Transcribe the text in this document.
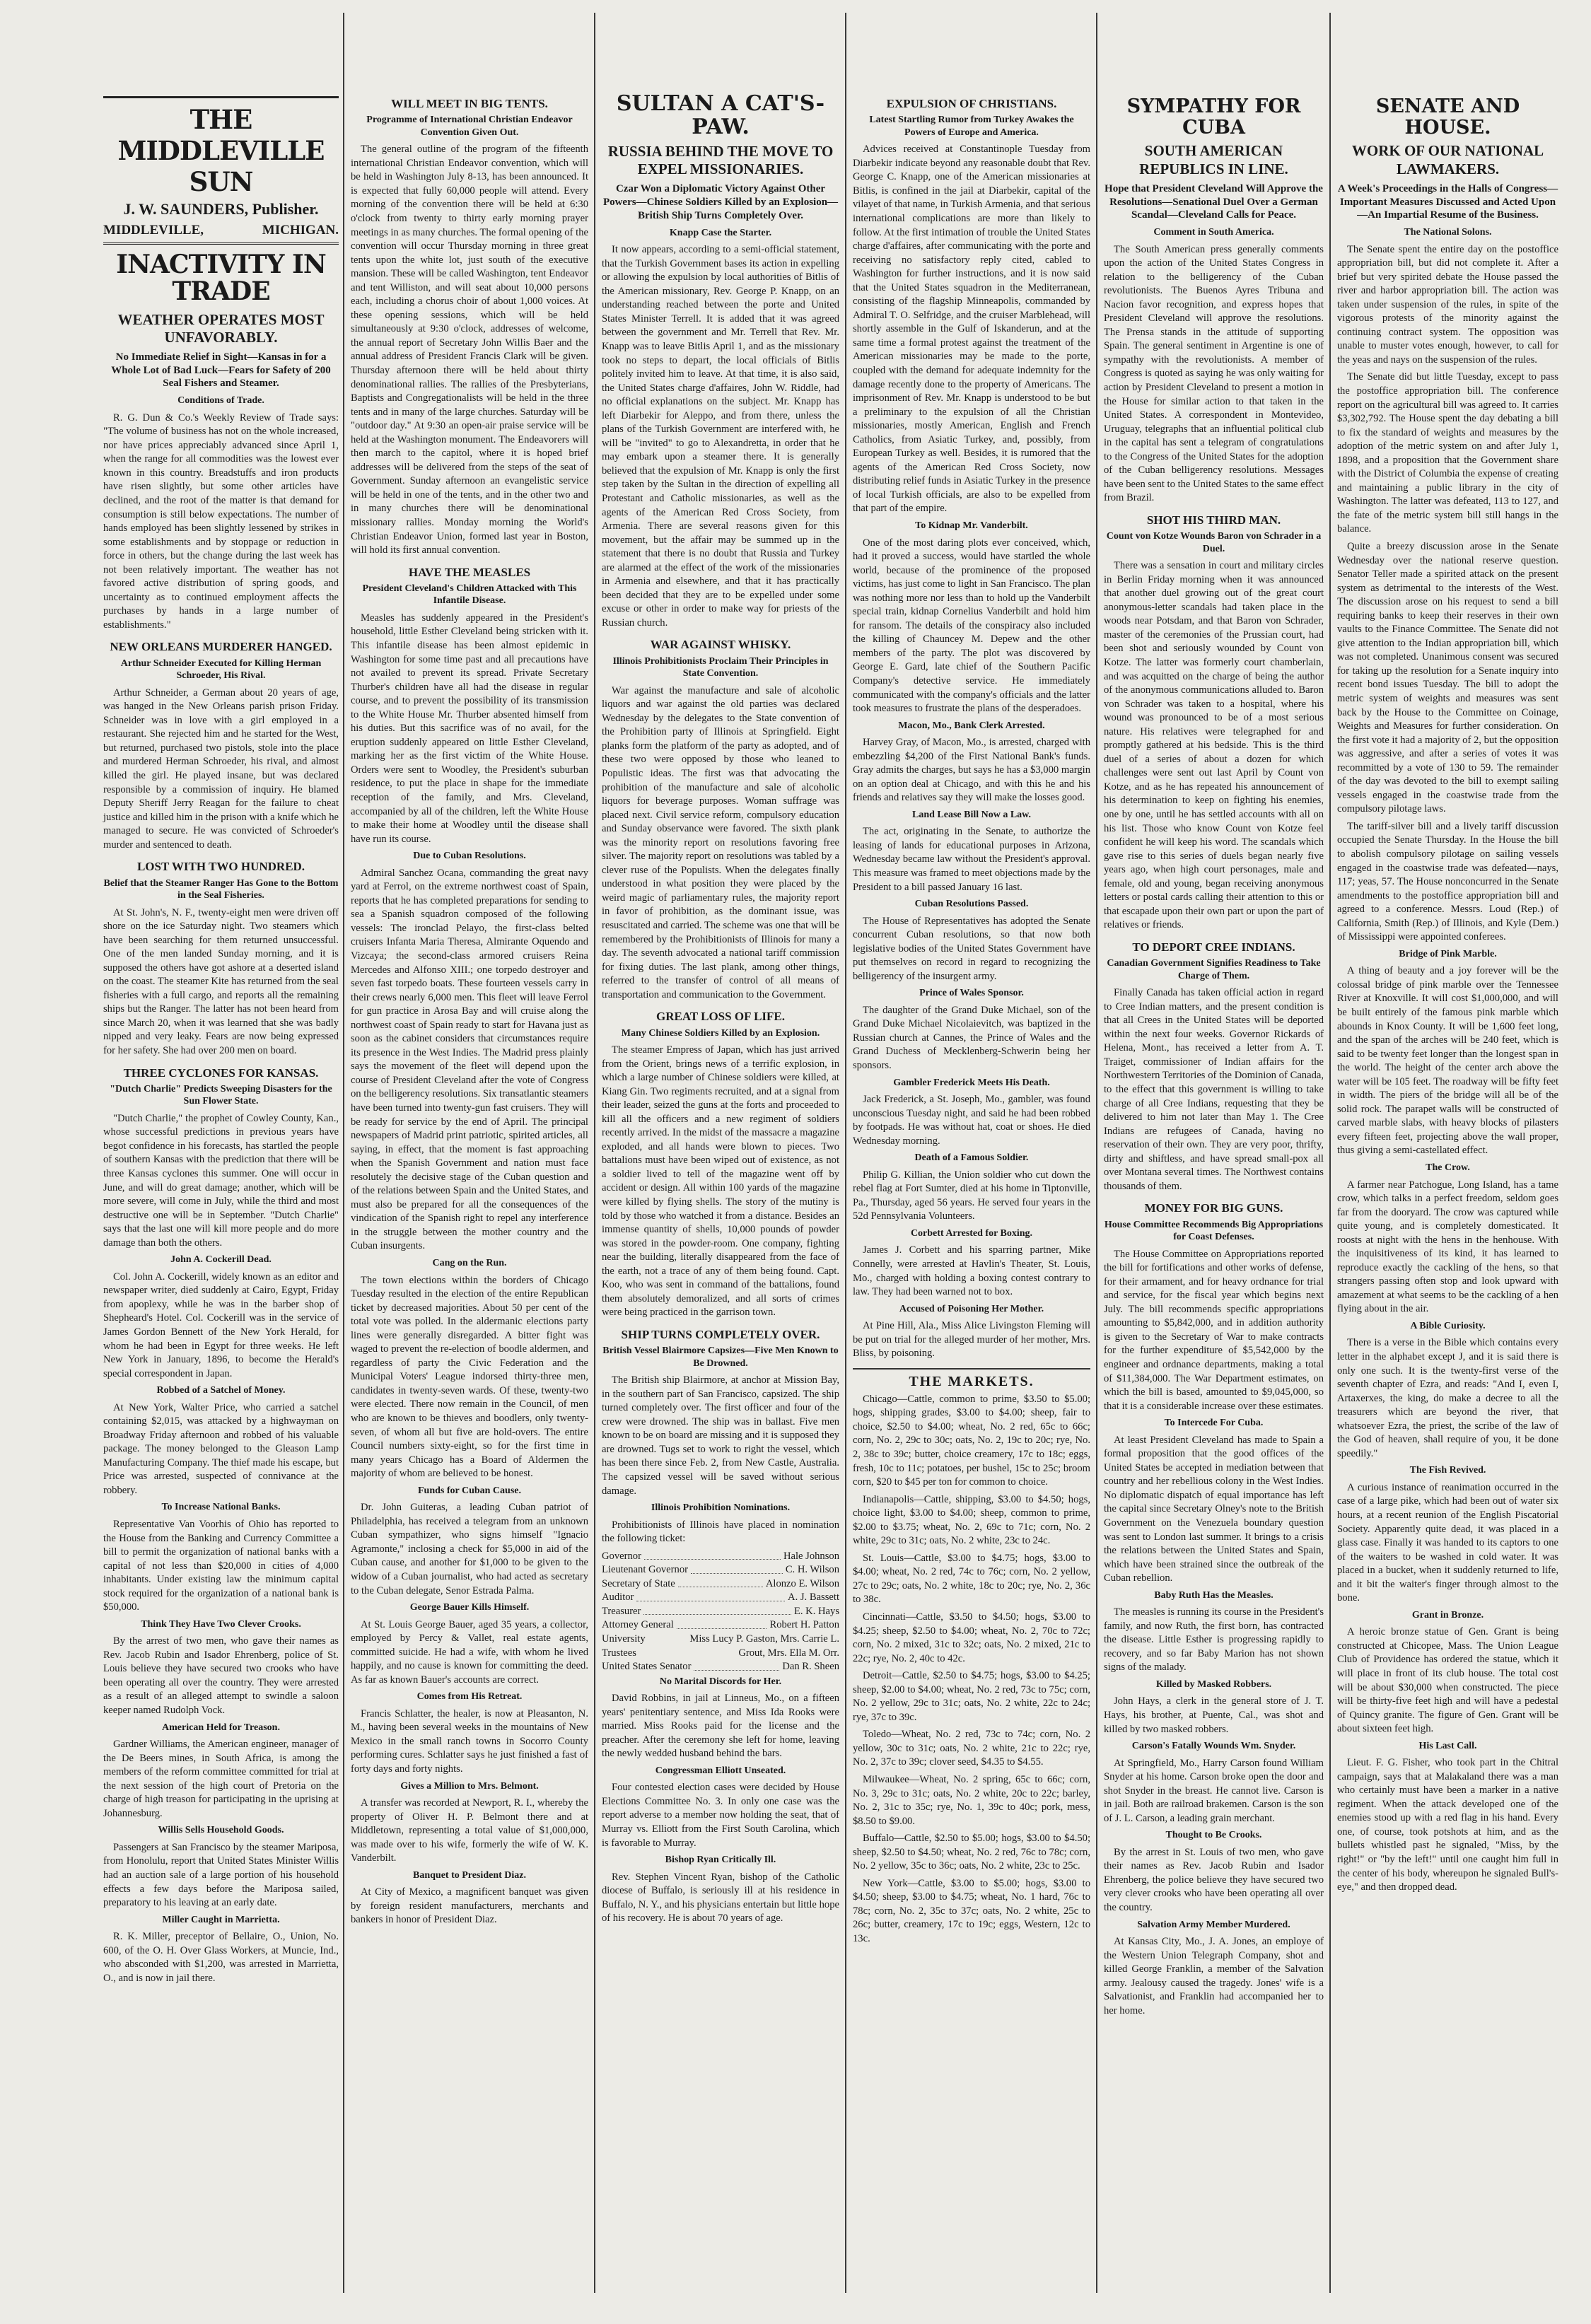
THE MIDDLEVILLE SUN
J. W. SAUNDERS, Publisher.
MIDDLEVILLE,	MICHIGAN.
INACTIVITY IN TRADE
WEATHER OPERATES MOST UNFAVORABLY.
No Immediate Relief in Sight—Kansas in for a Whole Lot of Bad Luck—Fears for Safety of 200 Seal Fishers and Steamer.
Conditions of Trade.

R. G. Dun & Co.'s Weekly Review of Trade says: "The volume of business has not on the whole increased, nor have prices appreciably advanced since April 1, when the range for all commodities was the lowest ever known in this country. Breadstuffs and iron products have risen slightly, but some other articles have declined, and the root of the matter is that demand for consumption is still below expectations. The number of hands employed has been slightly lessened by strikes in some establishments and by stoppage or reduction in force in others, but the change during the last week has not been relatively important. The weather has not favored active distribution of spring goods, and uncertainty as to continued employment affects the purchases by hands in a large number of establishments."

NEW ORLEANS MURDERER HANGED.
Arthur Schneider Executed for Killing Herman Schroeder, His Rival.

Arthur Schneider, a German about 20 years of age, was hanged in the New Orleans parish prison Friday. Schneider was in love with a girl employed in a restaurant. She rejected him and he started for the West, but returned, purchased two pistols, stole into the place and murdered Herman Schroeder, his rival, and almost killed the girl. He played insane, but was declared responsible by a commission of inquiry. He blamed Deputy Sheriff Jerry Reagan for the failure to cheat justice and killed him in the prison with a knife which he managed to secure. He was convicted of Schroeder's murder and sentenced to death.

LOST WITH TWO HUNDRED.
Belief that the Steamer Ranger Has Gone to the Bottom in the Seal Fisheries.

At St. John's, N. F., twenty-eight men were driven off shore on the ice Saturday night. Two steamers which have been searching for them returned unsuccessful. One of the men landed Sunday morning, and it is supposed the others have got ashore at a deserted island on the coast. The steamer Kite has returned from the seal fisheries with a full cargo, and reports all the remaining ships but the Ranger. The latter has not been heard from since March 20, when it was learned that she was badly nipped and very leaky. Fears are now being expressed for her safety. She had over 200 men on board.

THREE CYCLONES FOR KANSAS.
"Dutch Charlie" Predicts Sweeping Disasters for the Sun Flower State.

"Dutch Charlie," the prophet of Cowley County, Kan., whose successful predictions in previous years have begot confidence in his forecasts, has startled the people of southern Kansas with the prediction that there will be three Kansas cyclones this summer. One will occur in June, and will do great damage; another, which will be more severe, will come in July, while the third and most destructive one will be in September. "Dutch Charlie" says that the last one will kill more people and do more damage than both the others.

John A. Cockerill Dead.

Col. John A. Cockerill, widely known as an editor and newspaper writer, died suddenly at Cairo, Egypt, Friday from apoplexy, while he was in the barber shop of Shepheard's Hotel. Col. Cockerill was in the service of James Gordon Bennett of the New York Herald, for whom he had been in Egypt for three weeks. He left New York in January, 1896, to become the Herald's special correspondent in Japan.

Robbed of a Satchel of Money.

At New York, Walter Price, who carried a satchel containing $2,015, was attacked by a highwayman on Broadway Friday afternoon and robbed of his valuable package. The money belonged to the Gleason Lamp Manufacturing Company. The thief made his escape, but Price was arrested, suspected of connivance at the robbery.

To Increase National Banks.

Representative Van Voorhis of Ohio has reported to the House from the Banking and Currency Committee a bill to permit the organization of national banks with a capital of not less than $20,000 in cities of 4,000 inhabitants. Under existing law the minimum capital stock required for the organization of a national bank is $50,000.

Think They Have Two Clever Crooks.

By the arrest of two men, who gave their names as Rev. Jacob Rubin and Isador Ehrenberg, police of St. Louis believe they have secured two crooks who have been operating all over the country. They were arrested as a result of an alleged attempt to swindle a saloon keeper named Rudolph Vock.

American Held for Treason.

Gardner Williams, the American engineer, manager of the De Beers mines, in South Africa, is among the members of the reform committee committed for trial at the next session of the high court of Pretoria on the charge of high treason for participating in the uprising at Johannesburg.

Willis Sells Household Goods.

Passengers at San Francisco by the steamer Mariposa, from Honolulu, report that United States Minister Willis had an auction sale of a large portion of his household effects a few days before the Mariposa sailed, preparatory to his leaving at an early date.

Miller Caught in Marrietta.

R. K. Miller, preceptor of Bellaire, O., Union, No. 600, of the O. H. Over Glass Workers, at Muncie, Ind., who absconded with $1,200, was arrested in Marrietta, O., and is now in jail there.

WILL MEET IN BIG TENTS.
Programme of International Christian Endeavor Convention Given Out.

The general outline of the program of the fifteenth international Christian Endeavor convention, which will be held in Washington July 8-13, has been announced. It is expected that fully 60,000 people will attend. Every morning of the convention there will be held at 6:30 o'clock from twenty to thirty early morning prayer meetings in as many churches. The formal opening of the convention will occur Thursday morning in three great tents upon the white lot, just south of the executive mansion. These will be called Washington, tent Endeavor and tent Williston, and will seat about 10,000 persons each, including a chorus choir of about 1,000 voices. At these opening sessions, which will be held simultaneously at 9:30 o'clock, addresses of welcome, the annual report of Secretary John Willis Baer and the annual address of President Francis Clark will be given. Thursday afternoon there will be held about thirty denominational rallies. The rallies of the Presbyterians, Baptists and Congregationalists will be held in the three tents and in many of the large churches. Saturday will be "outdoor day." At 9:30 an open-air praise service will be held at the Washington monument. The Endeavorers will then march to the capitol, where it is hoped brief addresses will be delivered from the steps of the seat of Government. Sunday afternoon an evangelistic service will be held in one of the tents, and in the other two and in many churches there will be denominational missionary rallies. Monday morning the World's Christian Endeavor Union, formed last year in Boston, will hold its first annual convention.

HAVE THE MEASLES
President Cleveland's Children Attacked with This Infantile Disease.

Measles has suddenly appeared in the President's household, little Esther Cleveland being stricken with it. This infantile disease has been almost epidemic in Washington for some time past and all precautions have not availed to prevent its spread. Private Secretary Thurber's children have all had the disease in regular course, and to prevent the possibility of its transmission to the White House Mr. Thurber absented himself from his duties. But this sacrifice was of no avail, for the eruption suddenly appeared on little Esther Cleveland, marking her as the first victim of the White House. Orders were sent to Woodley, the President's suburban residence, to put the place in shape for the immediate reception of the family, and Mrs. Cleveland, accompanied by all of the children, left the White House to make their home at Woodley until the disease shall have run its course.

Due to Cuban Resolutions.

Admiral Sanchez Ocana, commanding the great navy yard at Ferrol, on the extreme northwest coast of Spain, reports that he has completed preparations for sending to sea a Spanish squadron composed of the following vessels: The ironclad Pelayo, the first-class belted cruisers Infanta Maria Theresa, Almirante Oquendo and Vizcaya; the second-class armored cruisers Reina Mercedes and Alfonso XIII.; one torpedo destroyer and seven fast torpedo boats. These fourteen vessels carry in their crews nearly 6,000 men. This fleet will leave Ferrol for gun practice in Arosa Bay and will cruise along the northwest coast of Spain ready to start for Havana just as soon as the cabinet considers that circumstances require its presence in the West Indies. The Madrid press plainly says the movement of the fleet will depend upon the course of President Cleveland after the vote of Congress on the belligerency resolutions. Six transatlantic steamers have been turned into twenty-gun fast cruisers. They will be ready for service by the end of April. The principal newspapers of Madrid print patriotic, spirited articles, all saying, in effect, that the moment is fast approaching when the Spanish Government and nation must face resolutely the decisive stage of the Cuban question and of the relations between Spain and the United States, and must also be prepared for all the consequences of the vindication of the Spanish right to repel any interference in the struggle between the mother country and the Cuban insurgents.

Cang on the Run.

The town elections within the borders of Chicago Tuesday resulted in the election of the entire Republican ticket by decreased majorities. About 50 per cent of the total vote was polled. In the aldermanic elections party lines were generally disregarded. A bitter fight was waged to prevent the re-election of boodle aldermen, and regardless of party the Civic Federation and the Municipal Voters' League indorsed thirty-three men, candidates in twenty-seven wards. Of these, twenty-two were elected. There now remain in the Council, of men who are known to be thieves and boodlers, only twenty-seven, of whom all but five are hold-overs. The entire Council numbers sixty-eight, so for the first time in many years Chicago has a Board of Aldermen the majority of whom are believed to be honest.

Funds for Cuban Cause.

Dr. John Guiteras, a leading Cuban patriot of Philadelphia, has received a telegram from an unknown Cuban sympathizer, who signs himself "Ignacio Agramonte," inclosing a check for $5,000 in aid of the Cuban cause, and another for $1,000 to be given to the widow of a Cuban journalist, who had acted as secretary to the Cuban delegate, Senor Estrada Palma.

George Bauer Kills Himself.

At St. Louis George Bauer, aged 35 years, a collector, employed by Percy & Vallet, real estate agents, committed suicide. He had a wife, with whom he lived happily, and no cause is known for committing the deed. As far as known Bauer's accounts are correct.

Comes from His Retreat.

Francis Schlatter, the healer, is now at Pleasanton, N. M., having been several weeks in the mountains of New Mexico in the small ranch towns in Socorro County performing cures. Schlatter says he just finished a fast of forty days and forty nights.

Gives a Million to Mrs. Belmont.

A transfer was recorded at Newport, R. I., whereby the property of Oliver H. P. Belmont there and at Middletown, representing a total value of $1,000,000, was made over to his wife, formerly the wife of W. K. Vanderbilt.

Banquet to President Diaz.

At City of Mexico, a magnificent banquet was given by foreign resident manufacturers, merchants and bankers in honor of President Diaz.

SULTAN A CAT'S-PAW.
RUSSIA BEHIND THE MOVE TO EXPEL MISSIONARIES.
Czar Won a Diplomatic Victory Against Other Powers—Chinese Soldiers Killed by an Explosion—British Ship Turns Completely Over.
Knapp Case the Starter.

It now appears, according to a semi-official statement, that the Turkish Government bases its action in expelling or allowing the expulsion by local authorities of Bitlis of the American missionary, Rev. George P. Knapp, on an understanding reached between the porte and United States Minister Terrell. It is added that it was agreed between the government and Mr. Terrell that Rev. Mr. Knapp was to leave Bitlis April 1, and as the missionary took no steps to depart, the local officials of Bitlis politely invited him to leave. At that time, it is also said, the United States charge d'affaires, John W. Riddle, had no official explanations on the subject. Mr. Knapp has left Diarbekir for Aleppo, and from there, unless the plans of the Turkish Government are interfered with, he will be "invited" to go to Alexandretta, in order that he may embark upon a steamer there. It is generally believed that the expulsion of Mr. Knapp is only the first step taken by the Sultan in the direction of expelling all Protestant and Catholic missionaries, as well as the agents of the American Red Cross Society, from Armenia. There are several reasons given for this movement, but the affair may be summed up in the statement that there is no doubt that Russia and Turkey are alarmed at the effect of the work of the missionaries in Armenia and elsewhere, and that it has practically been decided that they are to be expelled under some excuse or other in order to make way for priests of the Russian church.

WAR AGAINST WHISKY.
Illinois Prohibitionists Proclaim Their Principles in State Convention.

War against the manufacture and sale of alcoholic liquors and war against the old parties was declared Wednesday by the delegates to the State convention of the Prohibition party of Illinois at Springfield. Eight planks form the platform of the party as adopted, and of these two were opposed by those who leaned to Populistic ideas. The first was that advocating the prohibition of the manufacture and sale of alcoholic liquors for beverage purposes. Woman suffrage was placed next. Civil service reform, compulsory education and Sunday observance were favored. The sixth plank was the minority report on resolutions favoring free silver. The majority report on resolutions was tabled by a clever ruse of the Populists. When the delegates finally understood in what position they were placed by the weird magic of parliamentary rules, the majority report in favor of prohibition, as the dominant issue, was resuscitated and carried. The scheme was one that will be remembered by the Prohibitionists of Illinois for many a day. The seventh advocated a national tariff commission for fixing duties. The last plank, among other things, referred to the transfer of control of all means of transportation and communication to the Government.

GREAT LOSS OF LIFE.
Many Chinese Soldiers Killed by an Explosion.

The steamer Empress of Japan, which has just arrived from the Orient, brings news of a terrific explosion, in which a large number of Chinese soldiers were killed, at Kiang Gin. Two regiments recruited, and at a signal from their leader, seized the guns at the forts and proceeded to kill all the officers and a new regiment of soldiers recently arrived. In the midst of the massacre a magazine exploded, and all hands were blown to pieces. Two battalions must have been wiped out of existence, as not a soldier lived to tell of the magazine went off by accident or design. All within 100 yards of the magazine were killed by flying shells. The story of the mutiny is told by those who watched it from a distance. Besides an immense quantity of shells, 10,000 pounds of powder was stored in the powder-room. One company, fighting near the building, literally disappeared from the face of the earth, not a trace of any of them being found. Capt. Koo, who was sent in command of the battalions, found them absolutely demoralized, and all sorts of crimes were being practiced in the garrison town.

SHIP TURNS COMPLETELY OVER.
British Vessel Blairmore Capsizes—Five Men Known to Be Drowned.

The British ship Blairmore, at anchor at Mission Bay, in the southern part of San Francisco, capsized. The ship turned completely over. The first officer and four of the crew were drowned. The ship was in ballast. Five men known to be on board are missing and it is supposed they are drowned. Tugs set to work to right the vessel, which has been there since Feb. 2, from New Castle, Australia. The capsized vessel will be saved without serious damage.

Illinois Prohibition Nominations.

Prohibitionists of Illinois have placed in nomination the following ticket:

Governor	Hale Johnson
Lieutenant Governor	C. H. Wilson
Secretary of State	Alonzo E. Wilson
Auditor	A. J. Bassett
Treasurer	E. K. Hays
Attorney General	Robert H. Patton
University Trustees
Miss Lucy P. Gaston, Mrs. Carrie L. Grout, Mrs. Ella M. Orr.
United States Senator	Dan R. Sheen
No Marital Discords for Her.

David Robbins, in jail at Linneus, Mo., on a fifteen years' penitentiary sentence, and Miss Ida Rooks were married. Miss Rooks paid for the license and the preacher. After the ceremony she left for home, leaving the newly wedded husband behind the bars.

Congressman Elliott Unseated.

Four contested election cases were decided by House Elections Committee No. 3. In only one case was the report adverse to a member now holding the seat, that of Murray vs. Elliott from the First South Carolina, which is favorable to Murray.

Bishop Ryan Critically Ill.

Rev. Stephen Vincent Ryan, bishop of the Catholic diocese of Buffalo, is seriously ill at his residence in Buffalo, N. Y., and his physicians entertain but little hope of his recovery. He is about 70 years of age.

EXPULSION OF CHRISTIANS.
Latest Startling Rumor from Turkey Awakes the Powers of Europe and America.

Advices received at Constantinople Tuesday from Diarbekir indicate beyond any reasonable doubt that Rev. George C. Knapp, one of the American missionaries at Bitlis, is confined in the jail at Diarbekir, capital of the vilayet of that name, in Turkish Armenia, and that serious international complications are more than likely to follow. At the first intimation of trouble the United States charge d'affaires, after communicating with the porte and receiving no satisfactory reply cited, cabled to Washington for further instructions, and it is now said that the United States squadron in the Mediterranean, consisting of the flagship Minneapolis, commanded by Admiral T. O. Selfridge, and the cruiser Marblehead, will shortly assemble in the Gulf of Iskanderun, and at the same time a formal protest against the treatment of the American missionaries may be made to the porte, coupled with the demand for adequate indemnity for the damage recently done to the property of Americans. The imprisonment of Rev. Mr. Knapp is understood to be but a preliminary to the expulsion of all the Christian missionaries, mostly American, English and French Catholics, from Asiatic Turkey, and, possibly, from European Turkey as well. Besides, it is rumored that the agents of the American Red Cross Society, now distributing relief funds in Asiatic Turkey in the presence of local Turkish officials, are also to be expelled from that part of the empire.

To Kidnap Mr. Vanderbilt.

One of the most daring plots ever conceived, which, had it proved a success, would have startled the whole world, because of the prominence of the proposed victims, has just come to light in San Francisco. The plan was nothing more nor less than to hold up the Vanderbilt special train, kidnap Cornelius Vanderbilt and hold him for ransom. The details of the conspiracy also included the killing of Chauncey M. Depew and the other members of the party. The plot was discovered by George E. Gard, late chief of the Southern Pacific Company's detective service. He immediately communicated with the company's officials and the latter took measures to frustrate the plans of the desperadoes.

Macon, Mo., Bank Clerk Arrested.

Harvey Gray, of Macon, Mo., is arrested, charged with embezzling $4,200 of the First National Bank's funds. Gray admits the charges, but says he has a $3,000 margin on an option deal at Chicago, and with this he and his friends and relatives say they will make the losses good.

Land Lease Bill Now a Law.

The act, originating in the Senate, to authorize the leasing of lands for educational purposes in Arizona, Wednesday became law without the President's approval. This measure was framed to meet objections made by the President to a bill passed January 16 last.

Cuban Resolutions Passed.

The House of Representatives has adopted the Senate concurrent Cuban resolutions, so that now both legislative bodies of the United States Government have put themselves on record in regard to recognizing the belligerency of the insurgent army.

Prince of Wales Sponsor.

The daughter of the Grand Duke Michael, son of the Grand Duke Michael Nicolaievitch, was baptized in the Russian church at Cannes, the Prince of Wales and the Grand Duchess of Mecklenberg-Schwerin being her sponsors.

Gambler Frederick Meets His Death.

Jack Frederick, a St. Joseph, Mo., gambler, was found unconscious Tuesday night, and said he had been robbed by footpads. He was without hat, coat or shoes. He died Wednesday morning.

Death of a Famous Soldier.

Philip G. Killian, the Union soldier who cut down the rebel flag at Fort Sumter, died at his home in Tiptonville, Pa., Thursday, aged 56 years. He served four years in the 52d Pennsylvania Volunteers.

Corbett Arrested for Boxing.

James J. Corbett and his sparring partner, Mike Connelly, were arrested at Havlin's Theater, St. Louis, Mo., charged with holding a boxing contest contrary to law. They had been warned not to box.

Accused of Poisoning Her Mother.

At Pine Hill, Ala., Miss Alice Livingston Fleming will be put on trial for the alleged murder of her mother, Mrs. Bliss, by poisoning.

THE MARKETS.

Chicago—Cattle, common to prime, $3.50 to $5.00; hogs, shipping grades, $3.00 to $4.00; sheep, fair to choice, $2.50 to $4.00; wheat, No. 2 red, 65c to 66c; corn, No. 2, 29c to 30c; oats, No. 2, 19c to 20c; rye, No. 2, 38c to 39c; butter, choice creamery, 17c to 18c; eggs, fresh, 10c to 11c; potatoes, per bushel, 15c to 25c; broom corn, $20 to $45 per ton for common to choice.

Indianapolis—Cattle, shipping, $3.00 to $4.50; hogs, choice light, $3.00 to $4.00; sheep, common to prime, $2.00 to $3.75; wheat, No. 2, 69c to 71c; corn, No. 2 white, 29c to 31c; oats, No. 2 white, 23c to 24c.

St. Louis—Cattle, $3.00 to $4.75; hogs, $3.00 to $4.00; wheat, No. 2 red, 74c to 76c; corn, No. 2 yellow, 27c to 29c; oats, No. 2 white, 18c to 20c; rye, No. 2, 36c to 38c.

Cincinnati—Cattle, $3.50 to $4.50; hogs, $3.00 to $4.25; sheep, $2.50 to $4.00; wheat, No. 2, 70c to 72c; corn, No. 2 mixed, 31c to 32c; oats, No. 2 mixed, 21c to 22c; rye, No. 2, 40c to 42c.

Detroit—Cattle, $2.50 to $4.75; hogs, $3.00 to $4.25; sheep, $2.00 to $4.00; wheat, No. 2 red, 73c to 75c; corn, No. 2 yellow, 29c to 31c; oats, No. 2 white, 22c to 24c; rye, 37c to 39c.

Toledo—Wheat, No. 2 red, 73c to 74c; corn, No. 2 yellow, 30c to 31c; oats, No. 2 white, 21c to 22c; rye, No. 2, 37c to 39c; clover seed, $4.35 to $4.55.

Milwaukee—Wheat, No. 2 spring, 65c to 66c; corn, No. 3, 29c to 31c; oats, No. 2 white, 20c to 22c; barley, No. 2, 31c to 35c; rye, No. 1, 39c to 40c; pork, mess, $8.50 to $9.00.

Buffalo—Cattle, $2.50 to $5.00; hogs, $3.00 to $4.50; sheep, $2.50 to $4.50; wheat, No. 2 red, 76c to 78c; corn, No. 2 yellow, 35c to 36c; oats, No. 2 white, 23c to 25c.

New York—Cattle, $3.00 to $5.00; hogs, $3.00 to $4.50; sheep, $3.00 to $4.75; wheat, No. 1 hard, 76c to 78c; corn, No. 2, 35c to 37c; oats, No. 2 white, 25c to 26c; butter, creamery, 17c to 19c; eggs, Western, 12c to 13c.

SYMPATHY FOR CUBA
SOUTH AMERICAN REPUBLICS IN LINE.
Hope that President Cleveland Will Approve the Resolutions—Senational Duel Over a German Scandal—Cleveland Calls for Peace.
Comment in South America.

The South American press generally comments upon the action of the United States Congress in relation to the belligerency of the Cuban revolutionists. The Buenos Ayres Tribuna and Nacion favor recognition, and express hopes that President Cleveland will approve the resolutions. The Prensa stands in the attitude of supporting Spain. The general sentiment in Argentine is one of sympathy with the revolutionists. A member of Congress is quoted as saying he was only waiting for action by President Cleveland to present a motion in the House for similar action to that taken in the United States. A correspondent in Montevideo, Uruguay, telegraphs that an influential political club in the capital has sent a telegram of congratulations to the Congress of the United States for the adoption of the Cuban belligerency resolutions. Messages have been sent to the United States to the same effect from Brazil.

SHOT HIS THIRD MAN.
Count von Kotze Wounds Baron von Schrader in a Duel.

There was a sensation in court and military circles in Berlin Friday morning when it was announced that another duel growing out of the great court anonymous-letter scandals had taken place in the woods near Potsdam, and that Baron von Schrader, master of the ceremonies of the Prussian court, had been shot and seriously wounded by Count von Kotze. The latter was formerly court chamberlain, and was acquitted on the charge of being the author of the anonymous communications alluded to. Baron von Schrader was taken to a hospital, where his wound was pronounced to be of a most serious nature. His relatives were telegraphed for and promptly gathered at his bedside. This is the third duel of a series of about a dozen for which challenges were sent out last April by Count von Kotze, and as he has repeated his announcement of his determination to keep on fighting his enemies, one by one, until he has settled accounts with all on his list. Those who know Count von Kotze feel confident he will keep his word. The scandals which gave rise to this series of duels began nearly five years ago, when high court personages, male and female, old and young, began receiving anonymous letters or postal cards calling their attention to this or that escapade upon their own part or upon the part of relatives or friends.

TO DEPORT CREE INDIANS.
Canadian Government Signifies Readiness to Take Charge of Them.

Finally Canada has taken official action in regard to Cree Indian matters, and the present condition is that all Crees in the United States will be deported within the next four weeks. Governor Rickards of Helena, Mont., has received a letter from A. T. Traiget, commissioner of Indian affairs for the Northwestern Territories of the Dominion of Canada, to the effect that this government is willing to take charge of all Cree Indians, requesting that they be delivered to him not later than May 1. The Cree Indians are refugees of Canada, having no reservation of their own. They are very poor, thrifty, dirty and shiftless, and have spread small-pox all over Montana several times. The Northwest contains thousands of them.

MONEY FOR BIG GUNS.
House Committee Recommends Big Appropriations for Coast Defenses.

The House Committee on Appropriations reported the bill for fortifications and other works of defense, for their armament, and for heavy ordnance for trial and service, for the fiscal year which begins next July. The bill recommends specific appropriations amounting to $5,842,000, and in addition authority is given to the Secretary of War to make contracts for the further expenditure of $5,542,000 by the engineer and ordnance departments, making a total of $11,384,000. The War Department estimates, on which the bill is based, amounted to $9,045,000, so that it is a considerable increase over these estimates.

To Intercede For Cuba.

At least President Cleveland has made to Spain a formal proposition that the good offices of the United States be accepted in mediation between that country and her rebellious colony in the West Indies. No diplomatic dispatch of equal importance has left the capital since Secretary Olney's note to the British Government on the Venezuela boundary question was sent to London last summer. It brings to a crisis the relations between the United States and Spain, which have been strained since the outbreak of the Cuban rebellion.

Baby Ruth Has the Measles.

The measles is running its course in the President's family, and now Ruth, the first born, has contracted the disease. Little Esther is progressing rapidly to recovery, and so far Baby Marion has not shown signs of the malady.

Killed by Masked Robbers.

John Hays, a clerk in the general store of J. T. Hays, his brother, at Puente, Cal., was shot and killed by two masked robbers.

Carson's Fatally Wounds Wm. Snyder.

At Springfield, Mo., Harry Carson found William Snyder at his home. Carson broke open the door and shot Snyder in the breast. He cannot live. Carson is in jail. Both are railroad brakemen. Carson is the son of J. L. Carson, a leading grain merchant.

Thought to Be Crooks.

By the arrest in St. Louis of two men, who gave their names as Rev. Jacob Rubin and Isador Ehrenberg, the police believe they have secured two very clever crooks who have been operating all over the country.

Salvation Army Member Murdered.

At Kansas City, Mo., J. A. Jones, an employe of the Western Union Telegraph Company, shot and killed George Franklin, a member of the Salvation army. Jealousy caused the tragedy. Jones' wife is a Salvationist, and Franklin had accompanied her to her home.

SENATE AND HOUSE.
WORK OF OUR NATIONAL LAWMAKERS.
A Week's Proceedings in the Halls of Congress—Important Measures Discussed and Acted Upon—An Impartial Resume of the Business.
The National Solons.

The Senate spent the entire day on the postoffice appropriation bill, but did not complete it. After a brief but very spirited debate the House passed the river and harbor appropriation bill. The action was taken under suspension of the rules, in spite of the vigorous protests of the minority against the continuing contract system. The opposition was unable to muster votes enough, however, to call for the yeas and nays on the suspension of the rules.

The Senate did but little Tuesday, except to pass the postoffice appropriation bill. The conference report on the agricultural bill was agreed to. It carries $3,302,792. The House spent the day debating a bill to fix the standard of weights and measures by the adoption of the metric system on and after July 1, 1898, and a proposition that the Government share with the District of Columbia the expense of creating and maintaining a public library in the city of Washington. The latter was defeated, 113 to 127, and the fate of the metric system bill still hangs in the balance.

Quite a breezy discussion arose in the Senate Wednesday over the national reserve question. Senator Teller made a spirited attack on the present system as detrimental to the interests of the West. The discussion arose on his request to send a bill requiring banks to keep their reserves in their own vaults to the Finance Committee. The Senate did not give attention to the Indian appropriation bill, which was not completed. Unanimous consent was secured for taking up the resolution for a Senate inquiry into recent bond issues Tuesday. The bill to adopt the metric system of weights and measures was sent back by the House to the Committee on Coinage, Weights and Measures for further consideration. On the first vote it had a majority of 2, but the opposition was aggressive, and after a series of votes it was recommitted by a vote of 130 to 59. The remainder of the day was devoted to the bill to exempt sailing vessels engaged in the coastwise trade from the compulsory pilotage laws.

The tariff-silver bill and a lively tariff discussion occupied the Senate Thursday. In the House the bill to abolish compulsory pilotage on sailing vessels engaged in the coastwise trade was defeated—nays, 117; yeas, 57. The House nonconcurred in the Senate amendments to the postoffice appropriation bill and agreed to a conference. Messrs. Loud (Rep.) of California, Smith (Rep.) of Illinois, and Kyle (Dem.) of Mississippi were appointed conferees.

Bridge of Pink Marble.

A thing of beauty and a joy forever will be the colossal bridge of pink marble over the Tennessee River at Knoxville. It will cost $1,000,000, and will be built entirely of the famous pink marble which abounds in Knox County. It will be 1,600 feet long, and the span of the arches will be 240 feet, which is said to be twenty feet longer than the longest span in the world. The height of the center arch above the water will be 105 feet. The roadway will be fifty feet in width. The piers of the bridge will all be of the solid rock. The parapet walls will be constructed of carved marble slabs, with heavy blocks of pilasters every fifteen feet, projecting above the wall proper, thus giving a semi-castellated effect.

The Crow.

A farmer near Patchogue, Long Island, has a tame crow, which talks in a perfect freedom, seldom goes far from the dooryard. The crow was captured while quite young, and is completely domesticated. It roosts at night with the hens in the henhouse. With the inquisitiveness of its kind, it has learned to reproduce exactly the cackling of the hens, so that strangers passing often stop and look upward with amazement at what seems to be the cackling of a hen flying about in the air.

A Bible Curiosity.

There is a verse in the Bible which contains every letter in the alphabet except J, and it is said there is only one such. It is the twenty-first verse of the seventh chapter of Ezra, and reads: "And I, even I, Artaxerxes, the king, do make a decree to all the treasurers which are beyond the river, that whatsoever Ezra, the priest, the scribe of the law of the God of heaven, shall require of you, it be done speedily."

The Fish Revived.

A curious instance of reanimation occurred in the case of a large pike, which had been out of water six hours, at a recent reunion of the English Piscatorial Society. Apparently quite dead, it was placed in a glass case. Finally it was handed to its captors to one of the waiters to be washed in cold water. It was placed in a bucket, when it suddenly returned to life, and it bit the waiter's finger through almost to the bone.

Grant in Bronze.

A heroic bronze statue of Gen. Grant is being constructed at Chicopee, Mass. The Union League Club of Providence has ordered the statue, which it will place in front of its club house. The total cost will be about $30,000 when constructed. The piece will be thirty-five feet high and will have a pedestal of Quincy granite. The figure of Gen. Grant will be about sixteen feet high.

His Last Call.

Lieut. F. G. Fisher, who took part in the Chitral campaign, says that at Malakaland there was a man who certainly must have been a marker in a native regiment. When the attack developed one of the enemies stood up with a red flag in his hand. Every one, of course, took potshots at him, and as the bullets whistled past he signaled, "Miss, by the right!" or "by the left!" until one caught him full in the center of his body, whereupon he signaled Bull's-eye," and then dropped dead.
